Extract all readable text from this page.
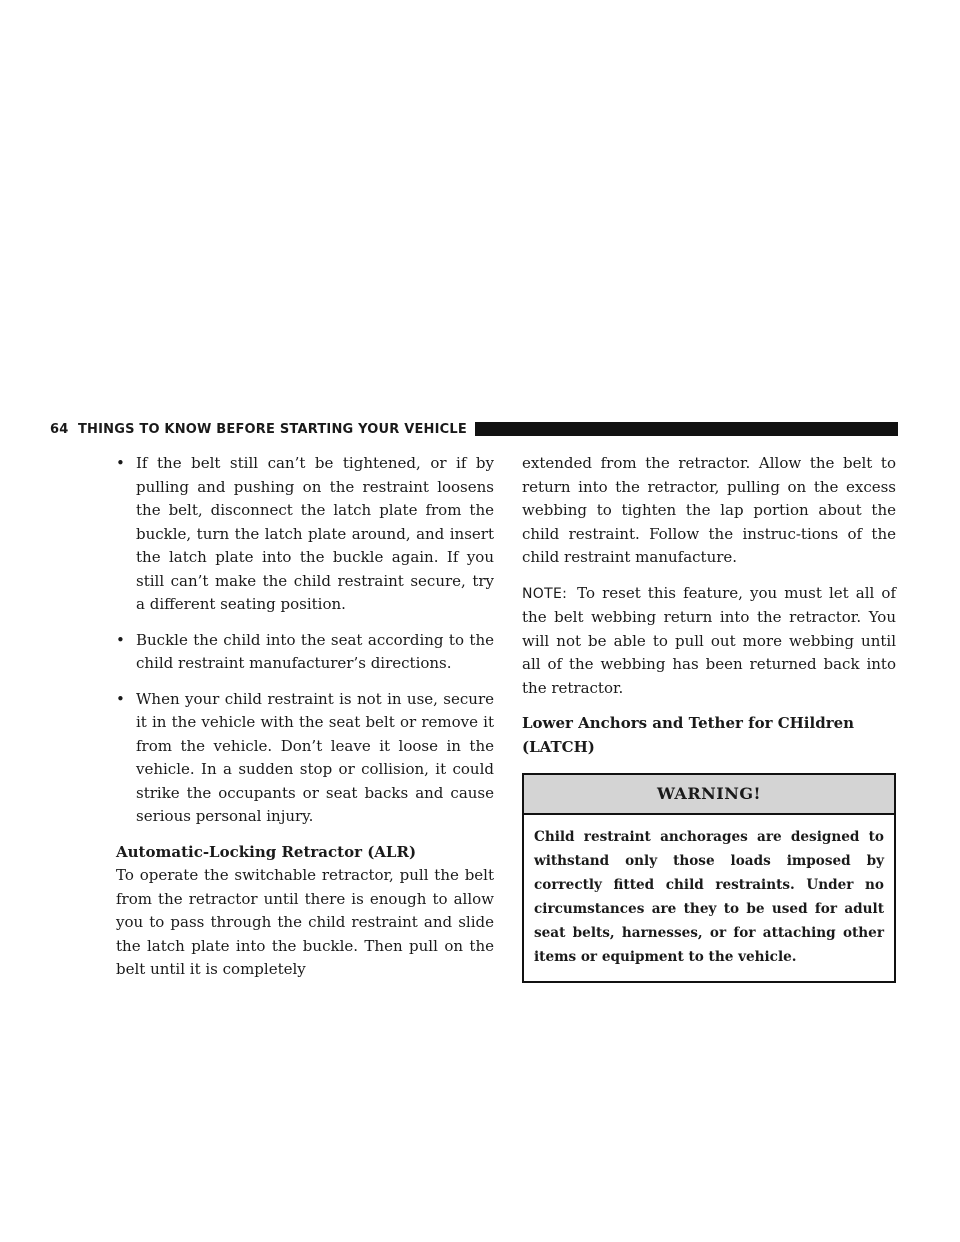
64 THINGS TO KNOW BEFORE STARTING YOUR VEHICLE

• If the belt still can’t be tightened, or if by pulling and pushing on the restraint loosens the belt, disconnect the latch plate from the buckle, turn the latch plate around, and insert the latch plate into the buckle again. If you still can’t make the child restraint secure, try a different seating position.

• Buckle the child into the seat according to the child restraint manufacturer’s directions.

• When your child restraint is not in use, secure it in the vehicle with the seat belt or remove it from the vehicle. Don’t leave it loose in the vehicle. In a sudden stop or collision, it could strike the occupants or seat backs and cause serious personal injury.

Automatic-Locking Retractor (ALR)

To operate the switchable retractor, pull the belt from the retractor until there is enough to allow you to pass through the child restraint and slide the latch plate into the buckle. Then pull on the belt until it is completely

extended from the retractor. Allow the belt to return into the retractor, pulling on the excess webbing to tighten the lap portion about the child restraint. Follow the instruc-tions of the child restraint manufacture.

NOTE: To reset this feature, you must let all of the belt webbing return into the retractor. You will not be able to pull out more webbing until all of the webbing has been returned back into the retractor.

Lower Anchors and Tether for CHildren (LATCH)

WARNING!
Child restraint anchorages are designed to withstand only those loads imposed by correctly fitted child restraints. Under no circumstances are they to be used for adult seat belts, harnesses, or for attaching other items or equipment to the vehicle.
